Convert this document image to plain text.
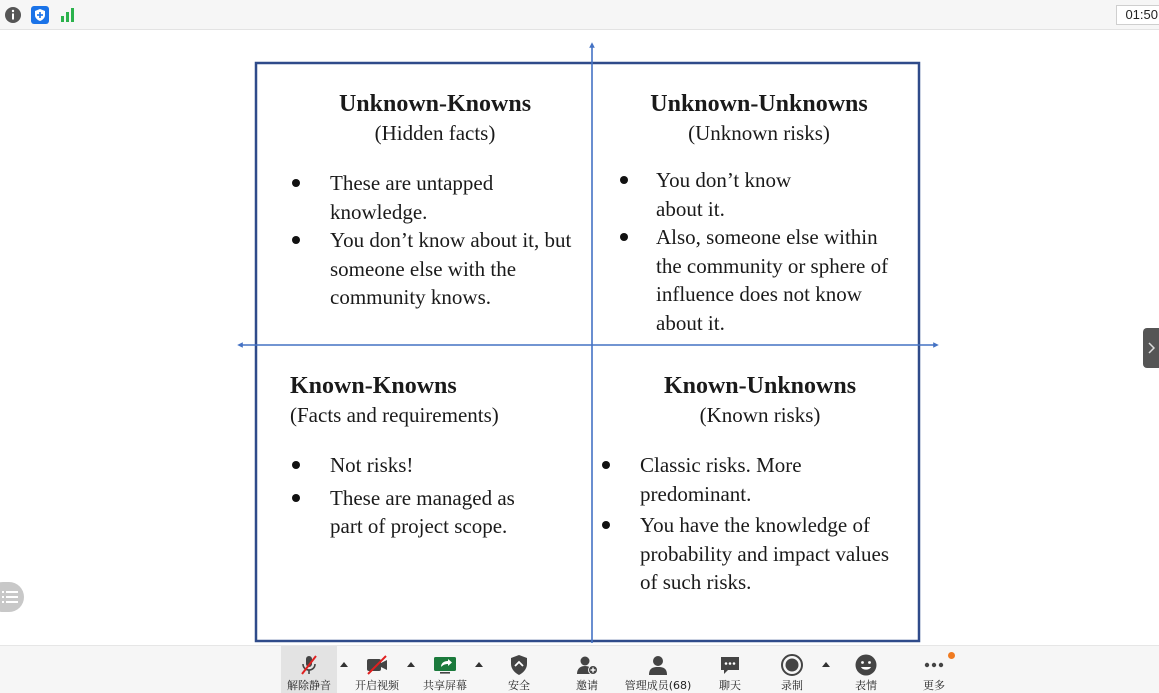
01:50
Unknown-Knowns
(Hidden facts)
These are untapped knowledge.
You don’t know about it, but someone else with the community knows.
Unknown-Unknowns
(Unknown risks)
You don’t know about it.
Also, someone else within the community or sphere of influence does not know about it.
Known-Knowns
(Facts and requirements)
Not risks!
These are managed as part of project scope.
Known-Unknowns
(Known risks)
Classic risks. More predominant.
You have the knowledge of probability and impact values of such risks.
解除静音	开启视频	共享屏幕	安全	邀请	管理成员(68)	聊天	录制	表情	更多
